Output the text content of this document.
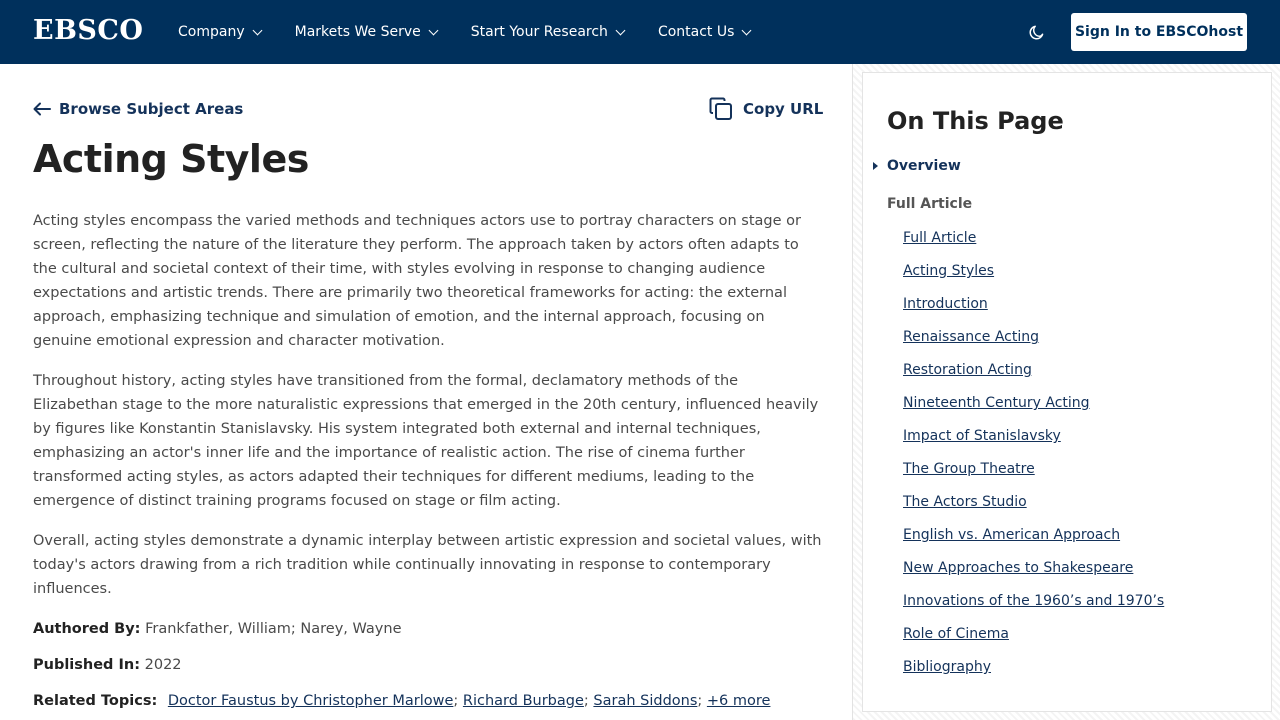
EBSCO Company	Markets We Serve	Start Your Research	Contact Us	Sign In to EBSCOhost
Browse Subject Areas	Copy URL
Acting Styles

Acting styles encompass the varied methods and techniques actors use to portray characters on stage or screen, reflecting the nature of the literature they perform. The approach taken by actors often adapts to the cultural and societal context of their time, with styles evolving in response to changing audience expectations and artistic trends. There are primarily two theoretical frameworks for acting: the external approach, emphasizing technique and simulation of emotion, and the internal approach, focusing on genuine emotional expression and character motivation.

Throughout history, acting styles have transitioned from the formal, declamatory methods of the Elizabethan stage to the more naturalistic expressions that emerged in the 20th century, influenced heavily by figures like Konstantin Stanislavsky. His system integrated both external and internal techniques, emphasizing an actor's inner life and the importance of realistic action. The rise of cinema further transformed acting styles, as actors adapted their techniques for different mediums, leading to the emergence of distinct training programs focused on stage or film acting.

Overall, acting styles demonstrate a dynamic interplay between artistic expression and societal values, with today's actors drawing from a rich tradition while continually innovating in response to contemporary influences.

Authored By: Frankfather, William; Narey, Wayne
Published In: 2022
Related Topics: Doctor Faustus by Christopher Marlowe; Richard Burbage; Sarah Siddons; +6 more
On This Page
Overview
Full Article
Full Article
Acting Styles
Introduction
Renaissance Acting
Restoration Acting
Nineteenth Century Acting
Impact of Stanislavsky
The Group Theatre
The Actors Studio
English vs. American Approach
New Approaches to Shakespeare
Innovations of the 1960’s and 1970’s
Role of Cinema
Bibliography
